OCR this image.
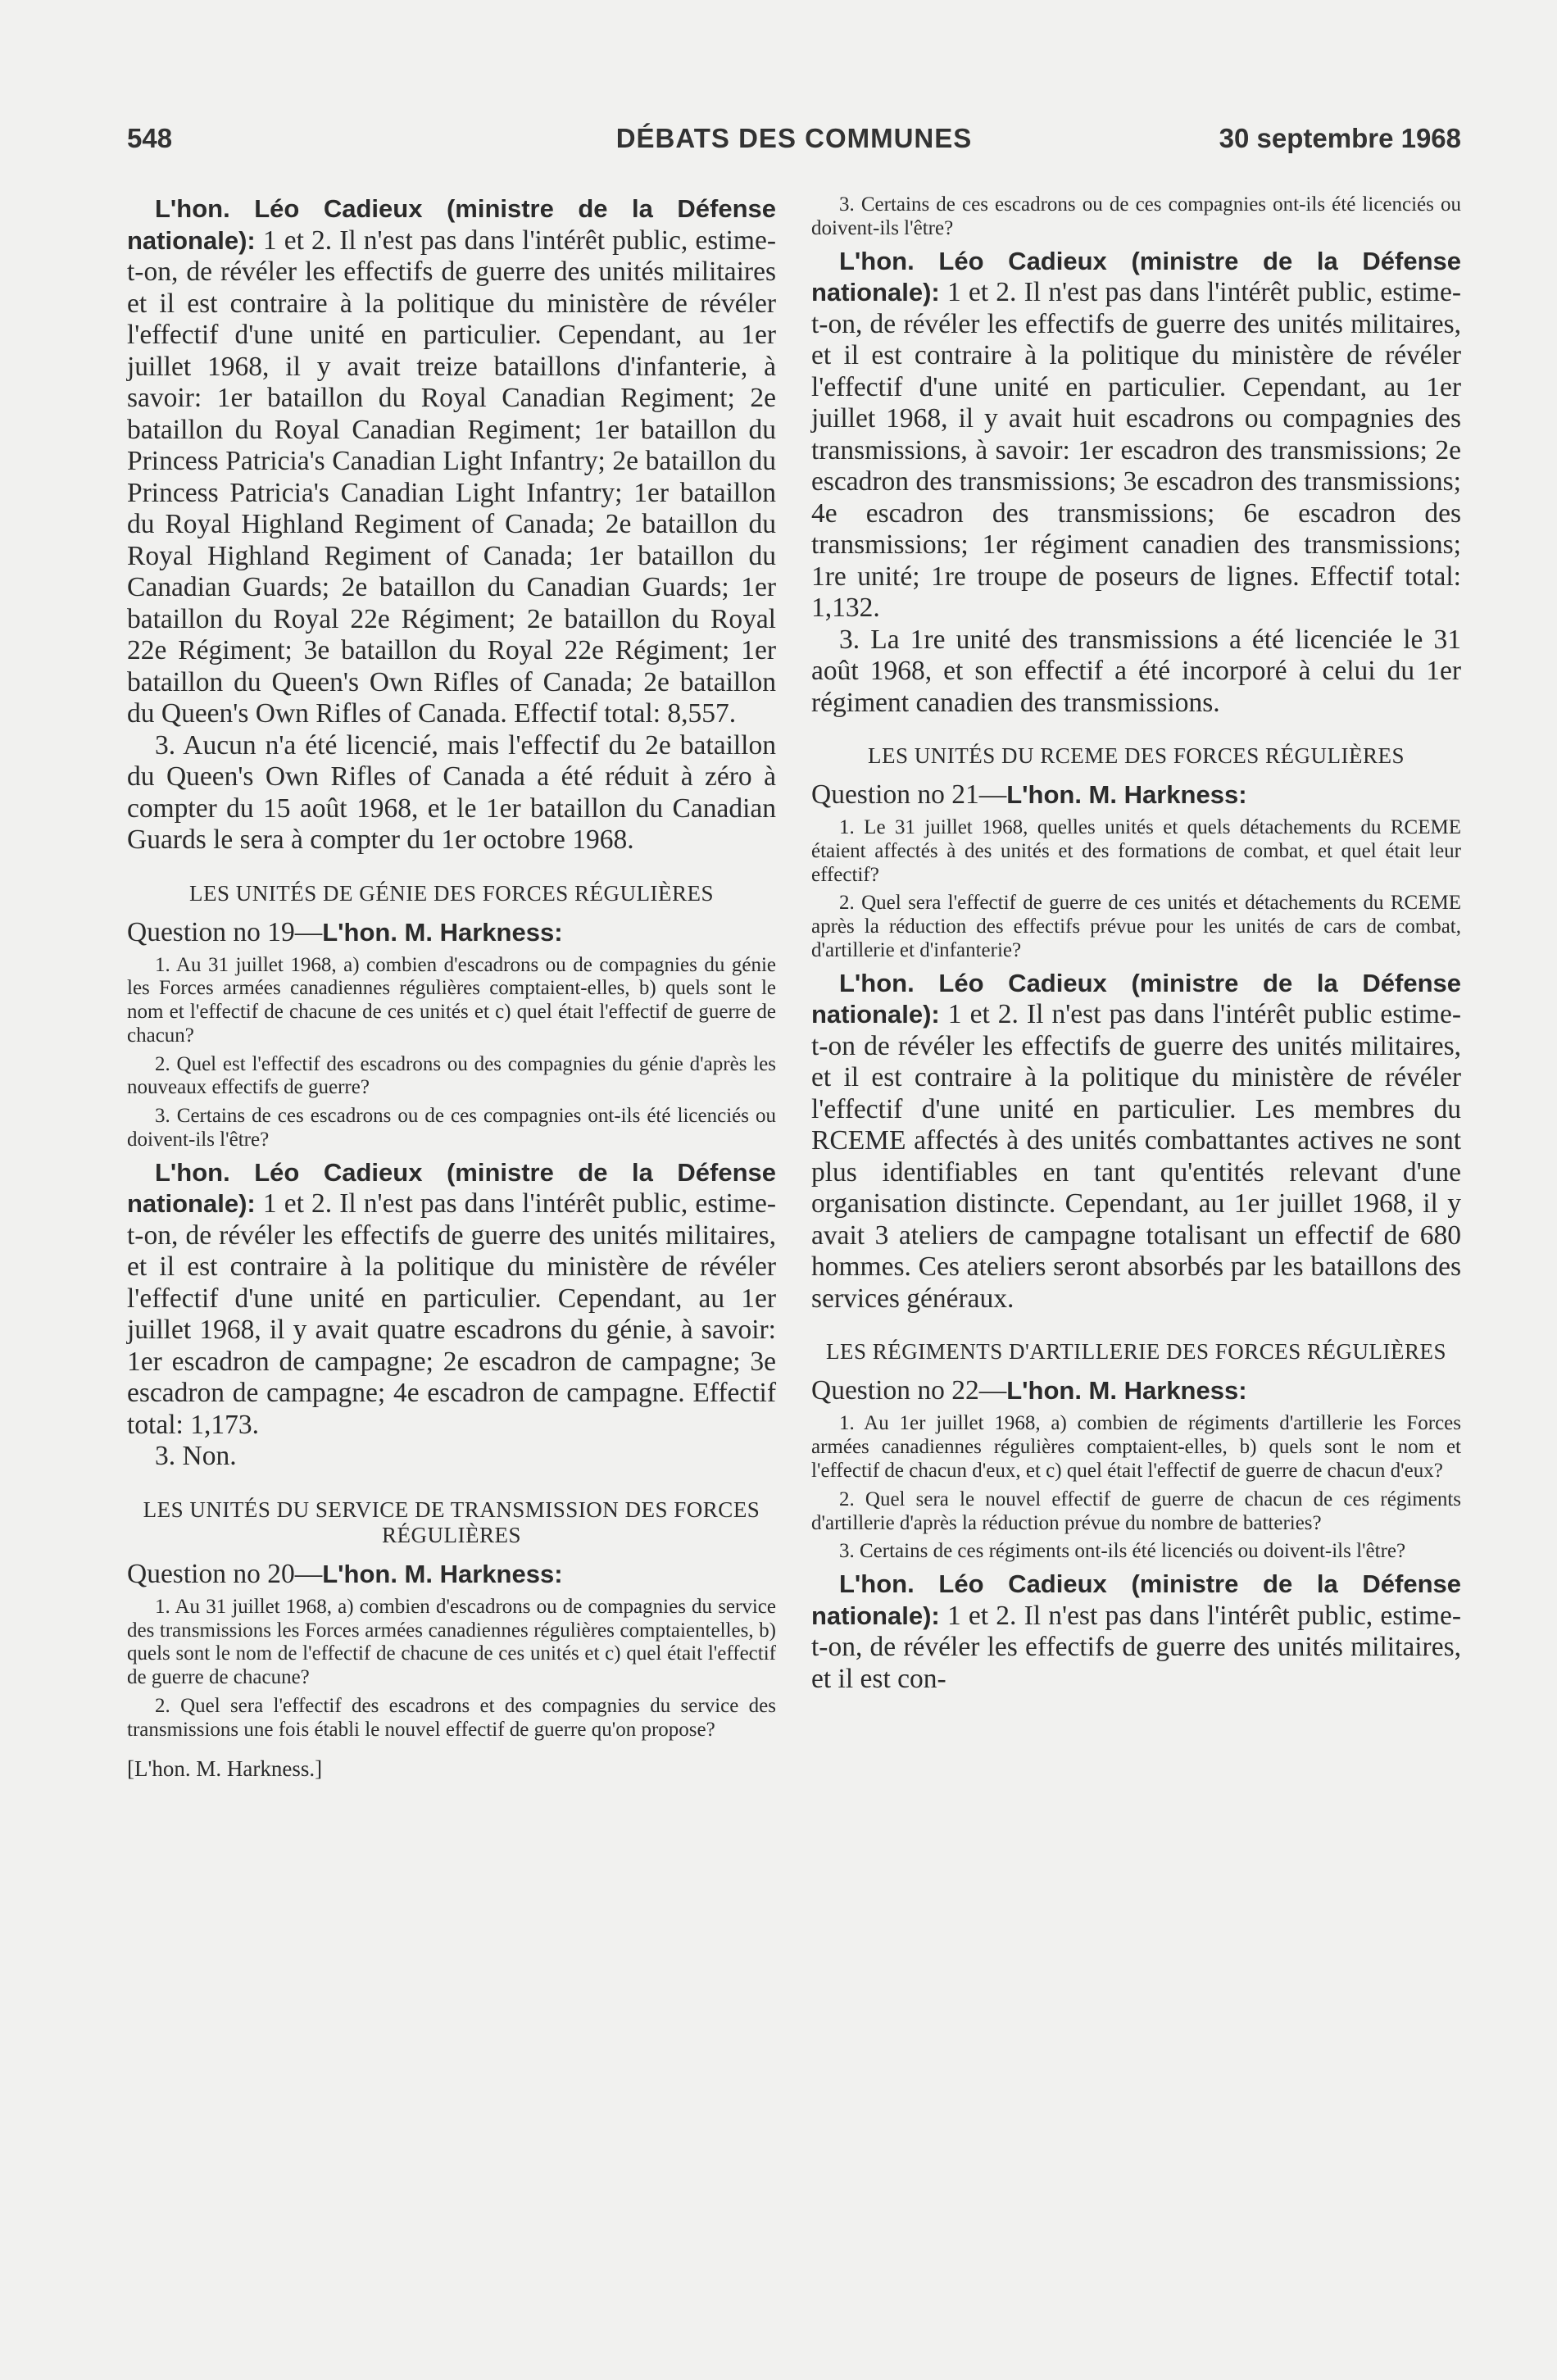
548	DÉBATS DES COMMUNES	30 septembre 1968

L'hon. Léo Cadieux (ministre de la Défense nationale): 1 et 2. Il n'est pas dans l'intérêt public, estime-t-on, de révéler les effectifs de guerre des unités militaires et il est contraire à la politique du ministère de révéler l'effectif d'une unité en particulier. Cependant, au 1er juillet 1968, il y avait treize bataillons d'infanterie, à savoir: 1er bataillon du Royal Canadian Regiment; 2e bataillon du Royal Canadian Regiment; 1er bataillon du Princess Patricia's Canadian Light Infantry; 2e bataillon du Princess Patricia's Canadian Light Infantry; 1er bataillon du Royal Highland Regiment of Canada; 2e bataillon du Royal Highland Regiment of Canada; 1er bataillon du Canadian Guards; 2e bataillon du Canadian Guards; 1er bataillon du Royal 22e Régiment; 2e bataillon du Royal 22e Régiment; 3e bataillon du Royal 22e Régiment; 1er bataillon du Queen's Own Rifles of Canada; 2e bataillon du Queen's Own Rifles of Canada. Effectif total: 8,557.

3. Aucun n'a été licencié, mais l'effectif du 2e bataillon du Queen's Own Rifles of Canada a été réduit à zéro à compter du 15 août 1968, et le 1er bataillon du Canadian Guards le sera à compter du 1er octobre 1968.

LES UNITÉS DE GÉNIE DES FORCES RÉGULIÈRES

Question no 19—L'hon. M. Harkness:

1. Au 31 juillet 1968, a) combien d'escadrons ou de compagnies du génie les Forces armées canadiennes régulières comptaient-elles, b) quels sont le nom et l'effectif de chacune de ces unités et c) quel était l'effectif de guerre de chacun?

2. Quel est l'effectif des escadrons ou des compagnies du génie d'après les nouveaux effectifs de guerre?

3. Certains de ces escadrons ou de ces compagnies ont-ils été licenciés ou doivent-ils l'être?

L'hon. Léo Cadieux (ministre de la Défense nationale): 1 et 2. Il n'est pas dans l'intérêt public, estime-t-on, de révéler les effectifs de guerre des unités militaires, et il est contraire à la politique du ministère de révéler l'effectif d'une unité en particulier. Cependant, au 1er juillet 1968, il y avait quatre escadrons du génie, à savoir: 1er escadron de campagne; 2e escadron de campagne; 3e escadron de campagne; 4e escadron de campagne. Effectif total: 1,173.

3. Non.

LES UNITÉS DU SERVICE DE TRANSMISSION DES FORCES RÉGULIÈRES

Question no 20—L'hon. M. Harkness:

1. Au 31 juillet 1968, a) combien d'escadrons ou de compagnies du service des transmissions les Forces armées canadiennes régulières comptaientelles, b) quels sont le nom de l'effectif de chacune de ces unités et c) quel était l'effectif de guerre de chacune?

2. Quel sera l'effectif des escadrons et des compagnies du service des transmissions une fois établi le nouvel effectif de guerre qu'on propose?

[L'hon. M. Harkness.]

3. Certains de ces escadrons ou de ces compagnies ont-ils été licenciés ou doivent-ils l'être?

L'hon. Léo Cadieux (ministre de la Défense nationale): 1 et 2. Il n'est pas dans l'intérêt public, estime-t-on, de révéler les effectifs de guerre des unités militaires, et il est contraire à la politique du ministère de révéler l'effectif d'une unité en particulier. Cependant, au 1er juillet 1968, il y avait huit escadrons ou compagnies des transmissions, à savoir: 1er escadron des transmissions; 2e escadron des transmissions; 3e escadron des transmissions; 4e escadron des transmissions; 6e escadron des transmissions; 1er régiment canadien des transmissions; 1re unité; 1re troupe de poseurs de lignes. Effectif total: 1,132.

3. La 1re unité des transmissions a été licenciée le 31 août 1968, et son effectif a été incorporé à celui du 1er régiment canadien des transmissions.

LES UNITÉS DU RCEME DES FORCES RÉGULIÈRES

Question no 21—L'hon. M. Harkness:

1. Le 31 juillet 1968, quelles unités et quels détachements du RCEME étaient affectés à des unités et des formations de combat, et quel était leur effectif?

2. Quel sera l'effectif de guerre de ces unités et détachements du RCEME après la réduction des effectifs prévue pour les unités de cars de combat, d'artillerie et d'infanterie?

L'hon. Léo Cadieux (ministre de la Défense nationale): 1 et 2. Il n'est pas dans l'intérêt public estime-t-on de révéler les effectifs de guerre des unités militaires, et il est contraire à la politique du ministère de révéler l'effectif d'une unité en particulier. Les membres du RCEME affectés à des unités combattantes actives ne sont plus identifiables en tant qu'entités relevant d'une organisation distincte. Cependant, au 1er juillet 1968, il y avait 3 ateliers de campagne totalisant un effectif de 680 hommes. Ces ateliers seront absorbés par les bataillons des services généraux.

LES RÉGIMENTS D'ARTILLERIE DES FORCES RÉGULIÈRES

Question no 22—L'hon. M. Harkness:

1. Au 1er juillet 1968, a) combien de régiments d'artillerie les Forces armées canadiennes régulières comptaient-elles, b) quels sont le nom et l'effectif de chacun d'eux, et c) quel était l'effectif de guerre de chacun d'eux?

2. Quel sera le nouvel effectif de guerre de chacun de ces régiments d'artillerie d'après la réduction prévue du nombre de batteries?

3. Certains de ces régiments ont-ils été licenciés ou doivent-ils l'être?

L'hon. Léo Cadieux (ministre de la Défense nationale): 1 et 2. Il n'est pas dans l'intérêt public, estime-t-on, de révéler les effectifs de guerre des unités militaires, et il est con-
